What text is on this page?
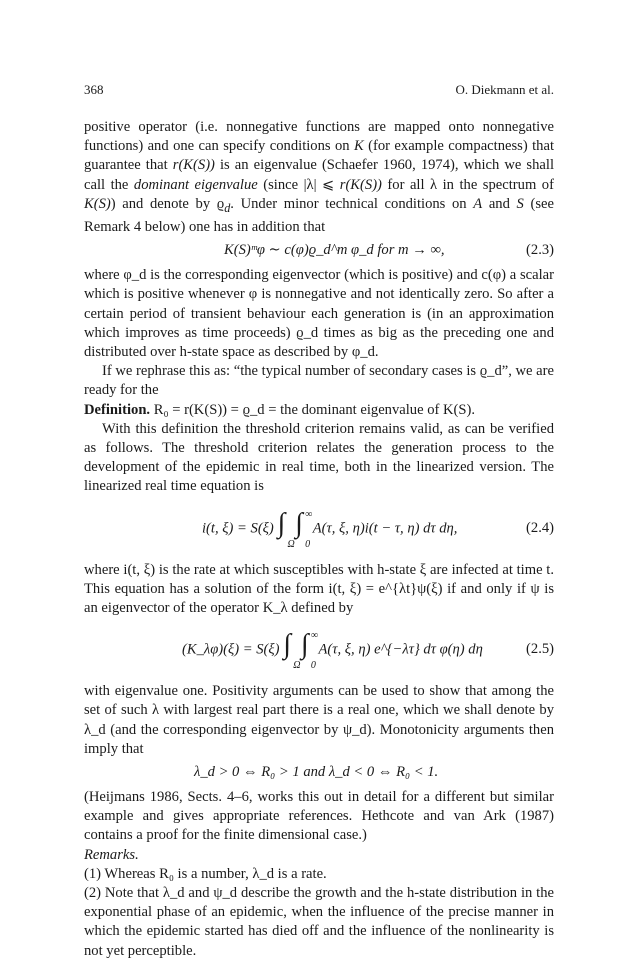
368	O. Diekmann et al.

positive operator (i.e. nonnegative functions are mapped onto nonnegative functions) and one can specify conditions on K (for example compactness) that guarantee that r(K(S)) is an eigenvalue (Schaefer 1960, 1974), which we shall call the dominant eigenvalue (since |λ| ⩽ r(K(S)) for all λ in the spectrum of K(S)) and denote by $ϱ_d$. Under minor technical conditions on A and S (see Remark 4 below) one has in addition that

K(S)ᵐφ ∼ c(φ)ϱ_d^m φ_d for m → ∞,	(2.3)

where φ_d is the corresponding eigenvector (which is positive) and c(φ) a scalar which is positive whenever φ is nonnegative and not identically zero. So after a certain period of transient behaviour each generation is (in an approximation which improves as time proceeds) ϱ_d times as big as the preceding one and distributed over h-state space as described by φ_d.

If we rephrase this as: “the typical number of secondary cases is ϱ_d”, we are ready for the

Definition. R₀ = r(K(S)) = ϱ_d = the dominant eigenvalue of K(S).

With this definition the threshold criterion remains valid, as can be verified as follows. The threshold criterion relates the generation process to the development of the epidemic in real time, both in the linearized version. The linearized real time equation is

i(t, ξ) = S(ξ) ∫
Ω

∫
0
∞
A(τ, ξ, η)i(t − τ, η) dτ dη,	(2.4)

where i(t, ξ) is the rate at which susceptibles with h-state ξ are infected at time t. This equation has a solution of the form i(t, ξ) = e^{λt}ψ(ξ) if and only if ψ is an eigenvector of the operator K_λ defined by

(K_λφ)(ξ) = S(ξ) ∫
Ω

∫
0
∞
A(τ, ξ, η) e^{−λτ} dτ φ(η) dη	(2.5)

with eigenvalue one. Positivity arguments can be used to show that among the set of such λ with largest real part there is a real one, which we shall denote by λ_d (and the corresponding eigenvector by ψ_d). Monotonicity arguments then imply that

λ_d > 0 ⇔ R₀ > 1 and λ_d < 0 ⇔ R₀ < 1.

(Heijmans 1986, Sects. 4–6, works this out in detail for a different but similar example and gives appropriate references. Hethcote and van Ark (1987) contains a proof for the finite dimensional case.)

Remarks.

(1) Whereas R₀ is a number, λ_d is a rate.

(2) Note that λ_d and ψ_d describe the growth and the h-state distribution in the exponential phase of an epidemic, when the influence of the precise manner in which the epidemic started has died off and the influence of the nonlinearity is not yet perceptible.
